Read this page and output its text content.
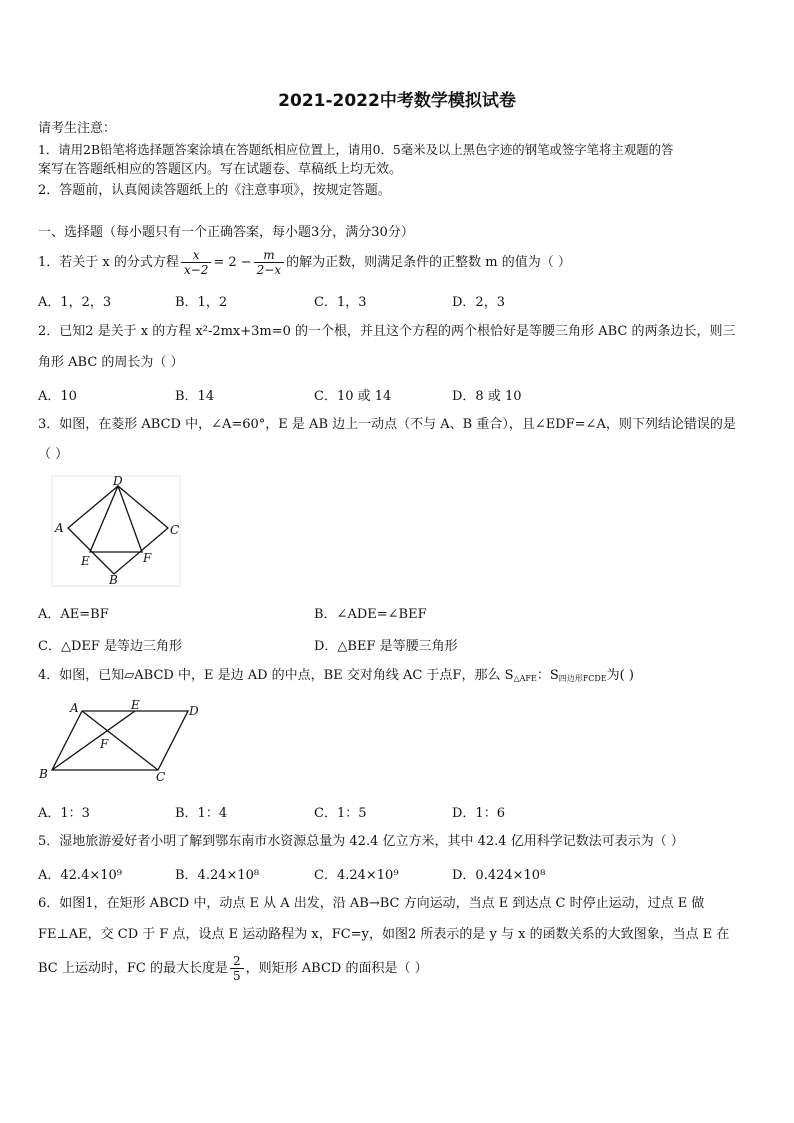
2021-2022中考数学模拟试卷
请考生注意：
1．请用2B铅笔将选择题答案涂填在答题纸相应位置上，请用0．5毫米及以上黑色字迹的钢笔或签字笔将主观题的答
案写在答题纸相应的答题区内。写在试题卷、草稿纸上均无效。
2．答题前，认真阅读答题纸上的《注意事项》，按规定答题。
一、选择题（每小题只有一个正确答案，每小题3分，满分30分）
1．若关于 x 的分式方程 $\frac{x}{x-2} = 2 - \frac{m}{2-x}$ 的解为正数，则满足条件的正整数 m 的值为（ ）
A．1，2，3	B．1，2	C．1，3	D．2，3
2．已知2 是关于 x 的方程 x²-2mx+3m=0 的一个根，并且这个方程的两个根恰好是等腰三角形 ABC 的两条边长，则三
角形 ABC 的周长为（ ）
A．10	B．14	C．10 或 14	D．8 或 10
3．如图，在菱形 ABCD 中，∠A=60°，E 是 AB 边上一动点（不与 A、B 重合），且∠EDF=∠A，则下列结论错误的是
（ ）
D
A	C
E	F
B
A．AE=BF	B．∠ADE=∠BEF
C．△DEF 是等边三角形	D．△BEF 是等腰三角形
4．如图，已知▱ABCD 中，E 是边 AD 的中点，BE 交对角线 AC 于点F，那么 $S_{\triangle AFE}$：$S_{四边形FCDE}$为( )
A	E	D
F
B	C
A．1：3	B．1：4	C．1：5	D．1：6
5．湿地旅游爱好者小明了解到鄂东南市水资源总量为 42.4 亿立方米，其中 42.4 亿用科学记数法可表示为（ ）
A．42.4×10⁹	B．4.24×10⁸	C．4.24×10⁹	D．0.424×10⁸
6．如图1，在矩形 ABCD 中，动点 E 从 A 出发，沿 AB→BC 方向运动，当点 E 到达点 C 时停止运动，过点 E 做
FE⊥AE，交 CD 于 F 点，设点 E 运动路程为 x，FC=y，如图2 所表示的是 y 与 x 的函数关系的大致图象，当点 E 在
BC 上运动时，FC 的最大长度是 $\frac{2}{5}$ ，则矩形 ABCD 的面积是（ ）
